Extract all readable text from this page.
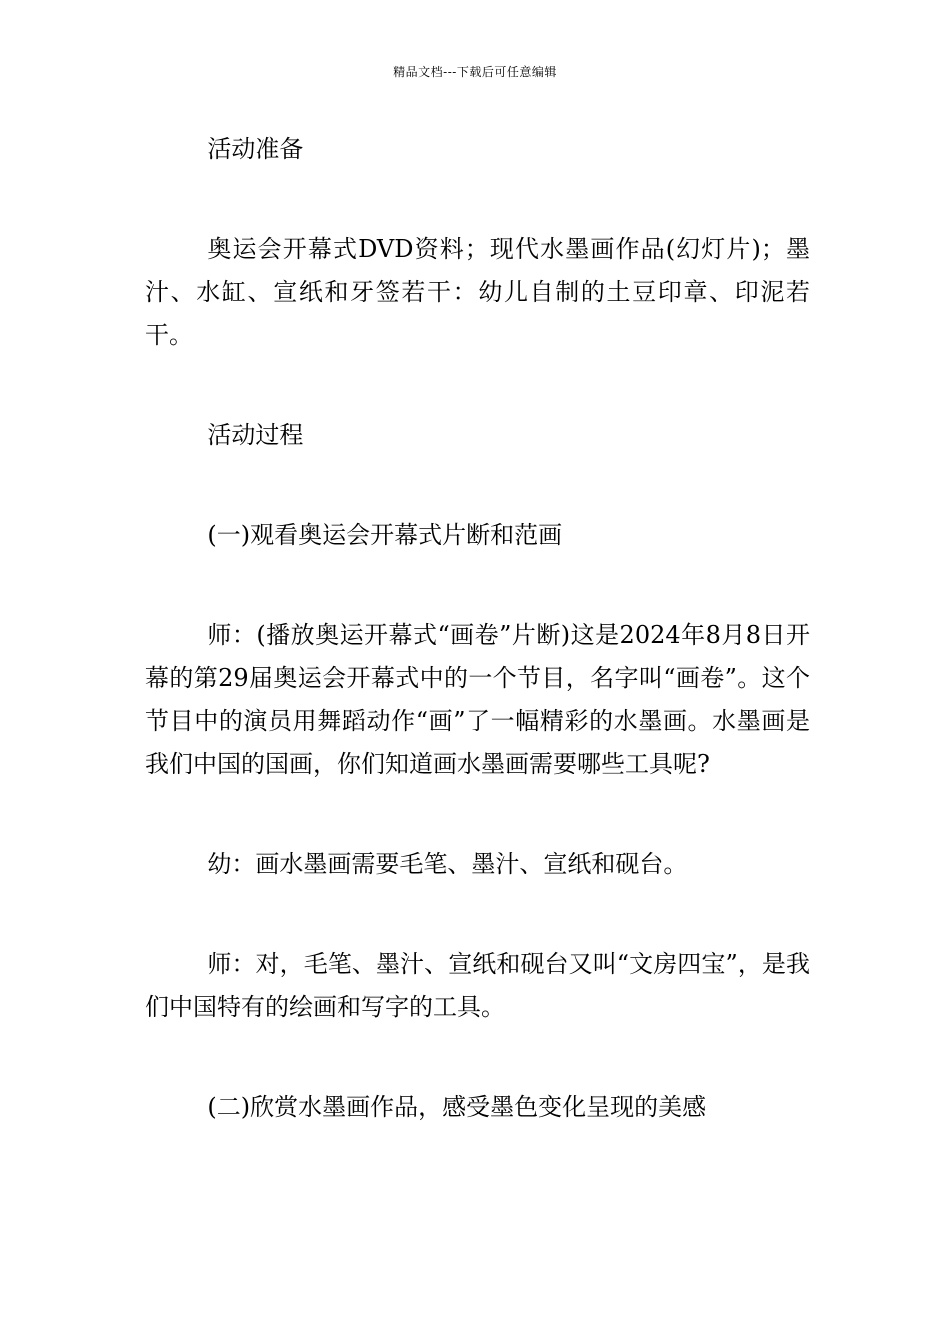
精品文档---下载后可任意编辑

活动准备

奥运会开幕式DVD资料；现代水墨画作品(幻灯片)；墨汁、水缸、宣纸和牙签若干：幼儿自制的土豆印章、印泥若干。

活动过程

(一)观看奥运会开幕式片断和范画

师：(播放奥运开幕式“画卷”片断)这是2024年8月8日开幕的第29届奥运会开幕式中的一个节目，名字叫“画卷”。这个节目中的演员用舞蹈动作“画”了一幅精彩的水墨画。水墨画是我们中国的国画，你们知道画水墨画需要哪些工具呢?

幼：画水墨画需要毛笔、墨汁、宣纸和砚台。

师：对，毛笔、墨汁、宣纸和砚台又叫“文房四宝”，是我们中国特有的绘画和写字的工具。

(二)欣赏水墨画作品，感受墨色变化呈现的美感
